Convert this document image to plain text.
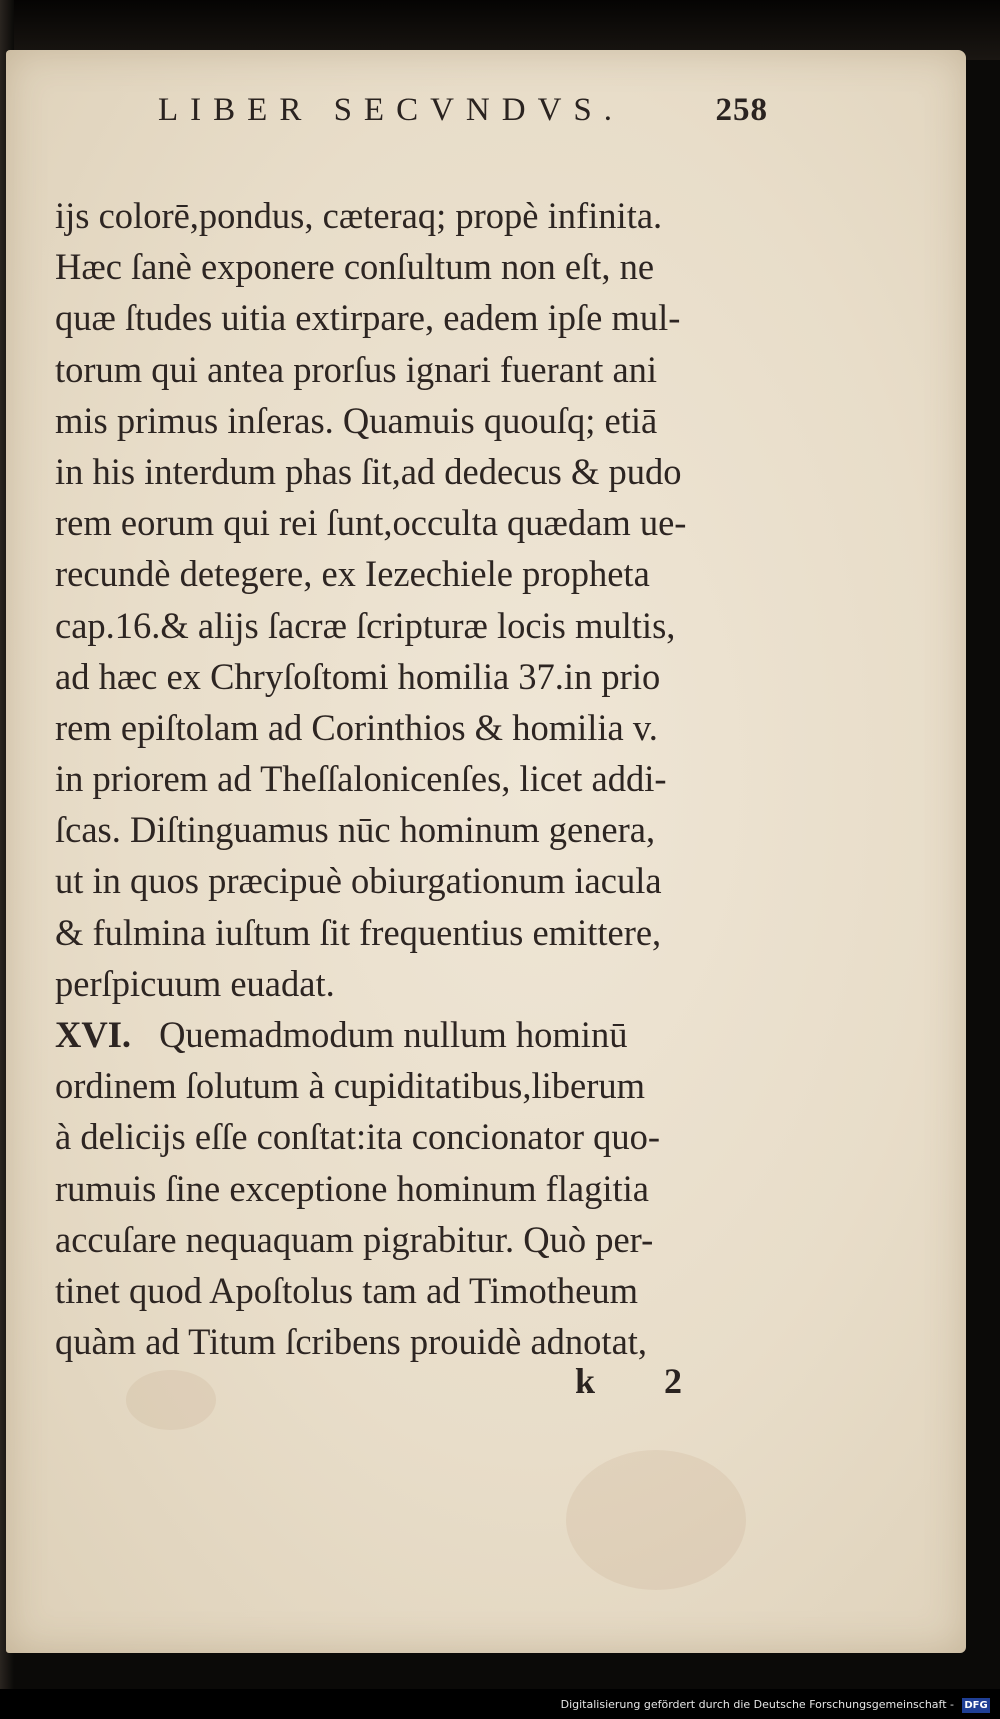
LIBER SECVNDVS.	258
ijs colorē,pondus, cæteraq; propè infinita.
Hæc ſanè exponere conſultum non eſt, ne
quæ ſtudes uitia extirpare, eadem ipſe mul-
torum qui antea prorſus ignari fuerant ani
mis primus inſeras. Quamuis quouſq; etiā
in his interdum phas ſit,ad dedecus & pudo
rem eorum qui rei ſunt,occulta quædam ue-
recundè detegere, ex Iezechiele propheta
cap.16.& alijs ſacræ ſcripturæ locis multis,
ad hæc ex Chryſoſtomi homilia 37.in prio
rem epiſtolam ad Corinthios & homilia v.
in priorem ad Theſſalonicenſes, licet addi-
ſcas. Diſtinguamus nūc hominum genera,
ut in quos præcipuè obiurgationum iacula
& fulmina iuſtum ſit frequentius emittere,
perſpicuum euadat.
XVI. Quemadmodum nullum hominū
ordinem ſolutum à cupiditatibus,liberum
à delicijs eſſe conſtat:ita concionator quo-
rumuis ſine exceptione hominum flagitia
accuſare nequaquam pigrabitur. Quò per-
tinet quod Apoſtolus tam ad Timotheum
quàm ad Titum ſcribens prouidè adnotat,
k 2
Digitalisierung gefördert durch die Deutsche Forschungsgemeinschaft - DFG
